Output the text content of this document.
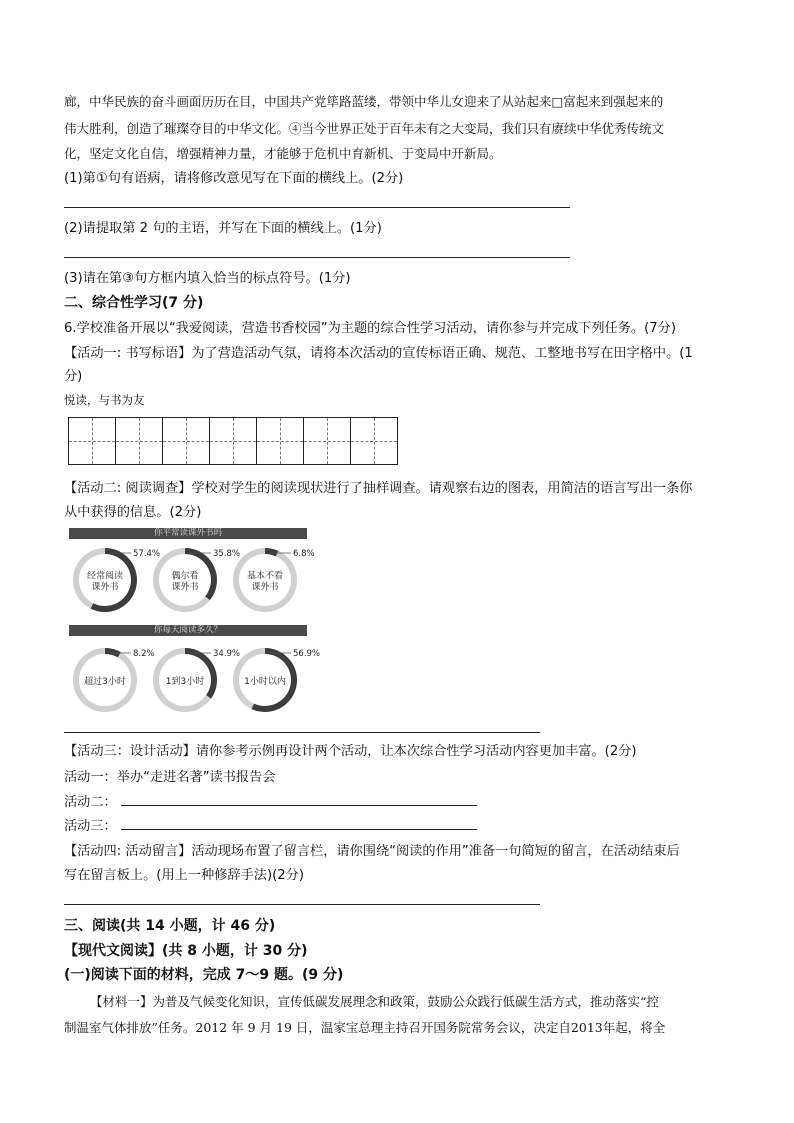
廊，中华民族的奋斗画面历历在目，中国共产党筚路蓝缕，带领中华儿女迎来了从站起来□富起来到强起来的
伟大胜利，创造了璀璨夺目的中华文化。④当今世界正处于百年未有之大变局，我们只有赓续中华优秀传统文
化，坚定文化自信，增强精神力量，才能够于危机中育新机、于变局中开新局。
(1)第①句有语病，请将修改意见写在下面的横线上。(2分)
(2)请提取第 2 句的主语，并写在下面的横线上。(1分)
(3)请在第③句方框内填入恰当的标点符号。(1分)
二、综合性学习(7 分)
6.学校准备开展以“我爱阅读，营造书香校园”为主题的综合性学习活动，请你参与并完成下列任务。(7分)
【活动一: 书写标语】为了营造活动气氛，请将本次活动的宣传标语正确、规范、工整地书写在田字格中。(1
分)
悦读，与书为友
【活动二: 阅读调查】学校对学生的阅读现状进行了抽样调查。请观察右边的图表，用简洁的语言写出一条你
从中获得的信息。(2分)
你平常读课外书吗
57.4%
经常阅读
课外书
35.8%
偶尔看
课外书
6.8%
基本不看
课外书
你每天阅读多久？
8.2%
超过3小时
34.9%
1到3小时
56.9%
1小时以内
【活动三：设计活动】请你参考示例再设计两个活动，让本次综合性学习活动内容更加丰富。(2分)
活动一：举办“走进名著”读书报告会
活动二：
活动三：
【活动四: 活动留言】活动现场布置了留言栏，请你围绕“阅读的作用”准备一句简短的留言，在活动结束后
写在留言板上。(用上一种修辞手法)(2分)
三、阅读(共 14 小题，计 46 分)
【现代文阅读】(共 8 小题，计 30 分)
(一)阅读下面的材料，完成 7～9 题。(9 分)
【材料一】为普及气候变化知识，宣传低碳发展理念和政策，鼓励公众践行低碳生活方式，推动落实“控
制温室气体排放”任务。2012 年 9 月 19 日，温家宝总理主持召开国务院常务会议，决定自2013年起，将全
